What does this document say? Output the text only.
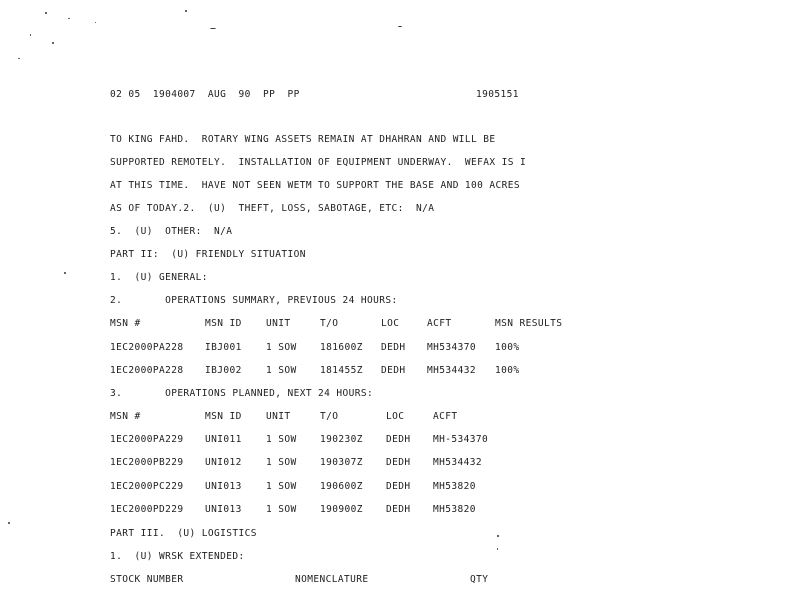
02 05  1904007  AUG  90  PP  PP	1905151
TO KING FAHD.  ROTARY WING ASSETS REMAIN AT DHAHRAN AND WILL BE
SUPPORTED REMOTELY.  INSTALLATION OF EQUIPMENT UNDERWAY.  WEFAX IS I
AT THIS TIME.  HAVE NOT SEEN WETM TO SUPPORT THE BASE AND 100 ACRES
AS OF TODAY.2.  (U)  THEFT, LOSS, SABOTAGE, ETC:  N/A
5.  (U)  OTHER:  N/A
PART II:  (U) FRIENDLY SITUATION
1.  (U) GENERAL:
2.       OPERATIONS SUMMARY, PREVIOUS 24 HOURS:
MSN #	MSN ID	UNIT	T/O	LOC	ACFT	MSN RESULTS
1EC2000PA228 IBJ001	1 SOW 181600Z DEDH MH534370 100%
1EC2000PA228 IBJ002	1 SOW 181455Z DEDH MH534432 100%
3.       OPERATIONS PLANNED, NEXT 24 HOURS:
MSN #	MSN ID	UNIT	T/O	LOC	ACFT
1EC2000PA229 UNI011	1 SOW 190230Z DEDH MH-534370
1EC2000PB229 UNI012	1 SOW 190307Z DEDH MH534432
1EC2000PC229 UNI013	1 SOW 190600Z DEDH MH53820
1EC2000PD229 UNI013	1 SOW 190900Z DEDH MH53820
PART III.  (U) LOGISTICS
1.  (U) WRSK EXTENDED:
STOCK NUMBER	NOMENCLATURE	QTY
